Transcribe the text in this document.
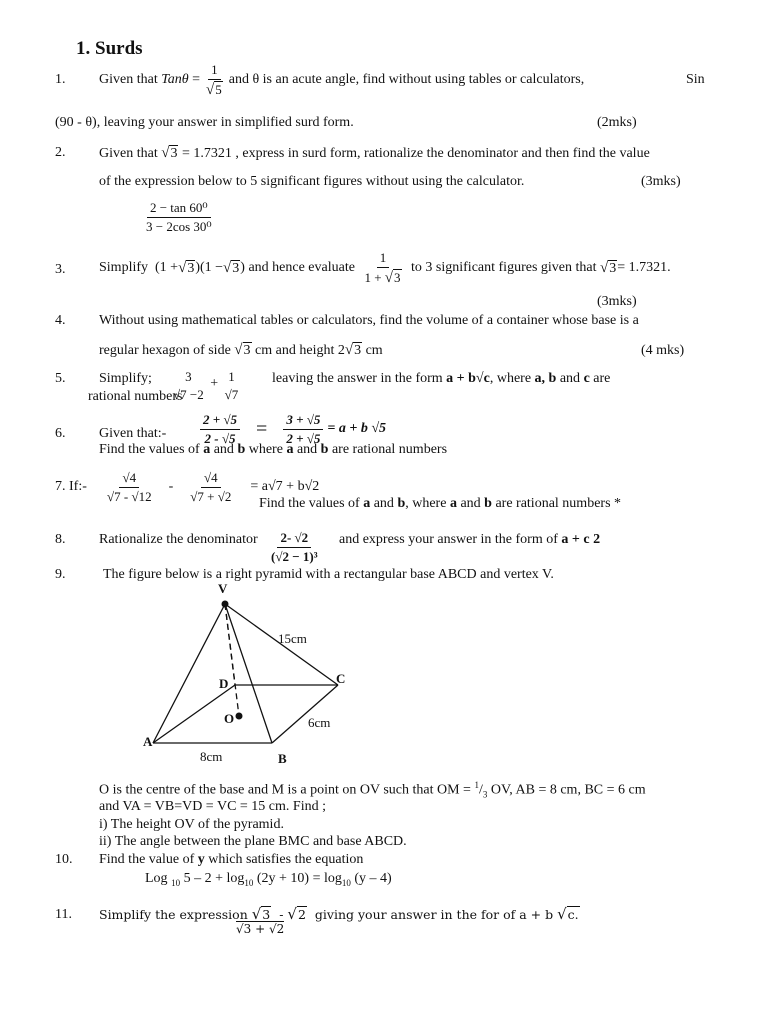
1. Surds
1. Given that
Tanθ
= $\frac{1}{√5}$ and θ is an acute angle, find without using tables or calculators,	Sin
(90 - θ), leaving your answer in simplified surd form.	(2mks)
2. Given that √3 = 1.7321 , express in surd form, rationalize the denominator and then find the value
of the expression below to 5 significant figures without using the calculator.	(3mks)
$\frac{\text{2 − tan 60⁰}}{\text{3 − 2cos 30⁰}}$
3. Simplify
(1 + √3 )(1 − √3 )
and hence evaluate
$\frac{1}{1 + √3}$
to 3 significant figures given that
√3 = 1.7321.
(3mks)
4. Without using mathematical tables or calculators, find the volume of a container whose base is a
regular hexagon of side √3 cm and height 2√3 cm	(4 mks)
5. Simplify;	3
√7 −2
+ 1
√7
leaving the answer in the form a + b√c, where a, b and c are
rational numbers
6. Given that:-	$\frac{2 + √5}{2 - √5} = \frac{3 + √5}{2 + √5} = a + b$ √5
Find the values of a and b where a and b are rational numbers
7. If:- $\frac{√4}{√7 - √12} - \frac{√4}{√7 + √2} = a√7 + b√2$
Find the values of a and b, where a and b are rational numbers *
8. Rationalize the denominator $\frac{2- √2}{\text{(√2 − 1)³}}$ and express your answer in the form of a + c 2
9.	The figure below is a right pyramid with a rectangular base ABCD and vertex V.
V
D	C
O
A
B
15cm
6cm
8cm
O is the centre of the base and M is a point on OV such that OM = $^1/_3$ OV, AB = 8 cm, BC = 6 cm
and VA = VB=VD = VC = 15 cm. Find ;
i) The height OV of the pyramid.
ii) The angle between the plane BMC and base ABCD.
10. Find the value of y which satisfies the equation
Log $_{10}$ $5 - 2 + \log_{10} (2y + 10) = \log_{10} (y - 4)$
11. Simplify the expression √3 - √2 giving your answer in the for of a + b √c.
√3 + √2
